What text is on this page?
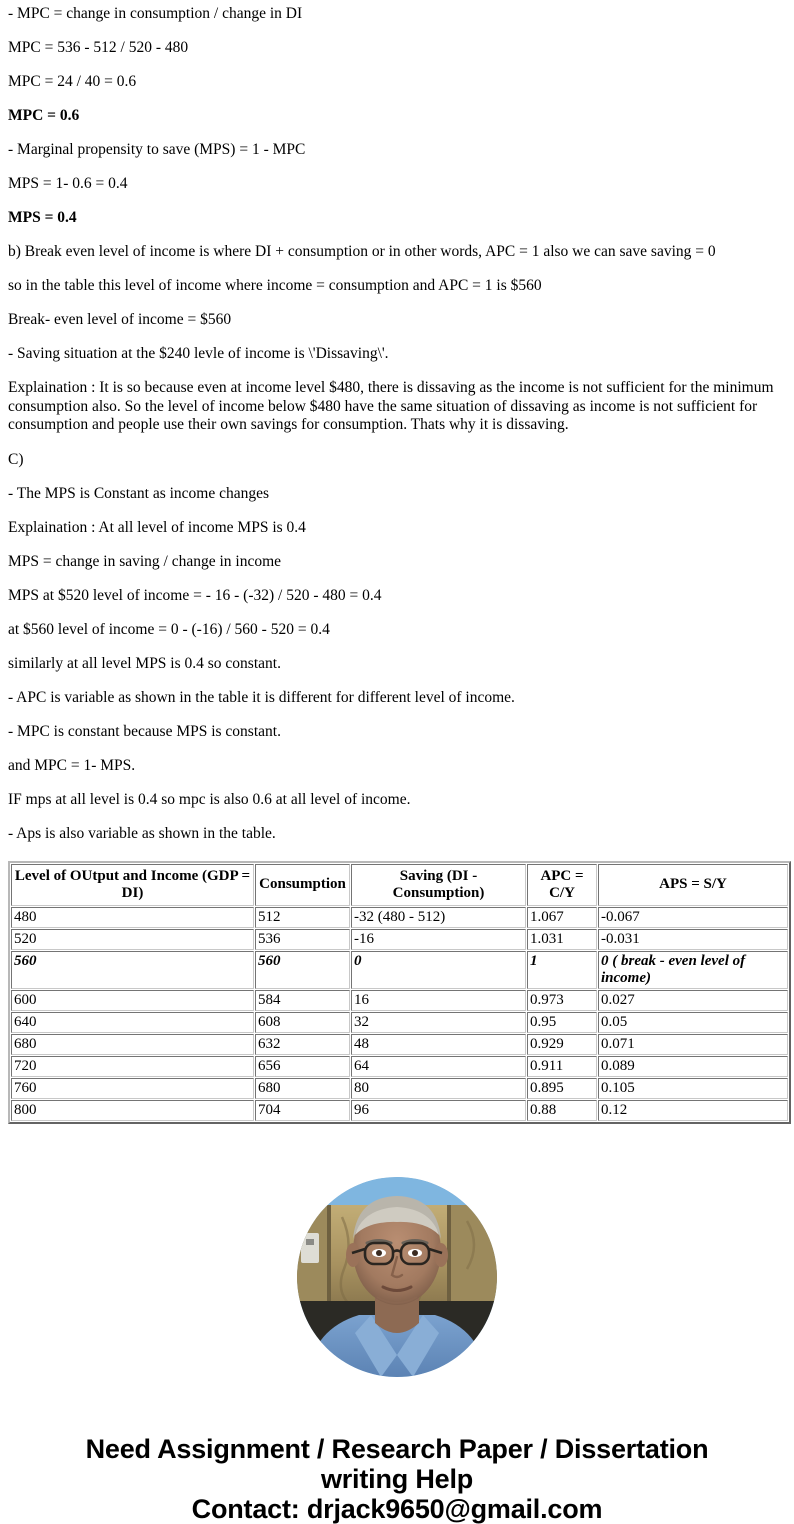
- MPC = change in consumption / change in DI

MPC = 536 - 512 / 520 - 480

MPC = 24 / 40 = 0.6

MPC = 0.6

- Marginal propensity to save (MPS) = 1 - MPC

MPS = 1- 0.6 = 0.4

MPS = 0.4

b) Break even level of income is where DI + consumption or in other words, APC = 1 also we can save saving = 0

so in the table this level of income where income = consumption and APC = 1 is $560

Break- even level of income = $560

- Saving situation at the $240 levle of income is \'Dissaving\'.

Explaination : It is so because even at income level $480, there is dissaving as the income is not sufficient for the minimum consumption also. So the level of income below $480 have the same situation of dissaving as income is not sufficient for consumption and people use their own savings for consumption. Thats why it is dissaving.

C)

- The MPS is Constant as income changes

Explaination : At all level of income MPS is 0.4

MPS = change in saving / change in income

MPS at $520 level of income = - 16 - (-32) / 520 - 480 = 0.4

at $560 level of income = 0 - (-16) / 560 - 520 = 0.4

similarly at all level MPS is 0.4 so constant.

- APC is variable as shown in the table it is different for different level of income.

- MPC is constant because MPS is constant.

and MPC = 1- MPS.

IF mps at all level is 0.4 so mpc is also 0.6 at all level of income.

- Aps is also variable as shown in the table.

Level of OUtput and Income (GDP = DI)	Consumption	Saving (DI - Consumption)	APC = C/Y	APS = S/Y
480	512	-32 (480 - 512)	1.067	-0.067
520	536	-16	1.031	-0.031
560	560	0	1	0 ( break - even level of income)
600	584	16	0.973	0.027
640	608	32	0.95	0.05
680	632	48	0.929	0.071
720	656	64	0.911	0.089
760	680	80	0.895	0.105
800	704	96	0.88	0.12
Need Assignment / Research Paper / Dissertation
writing Help
Contact: drjack9650@gmail.com
